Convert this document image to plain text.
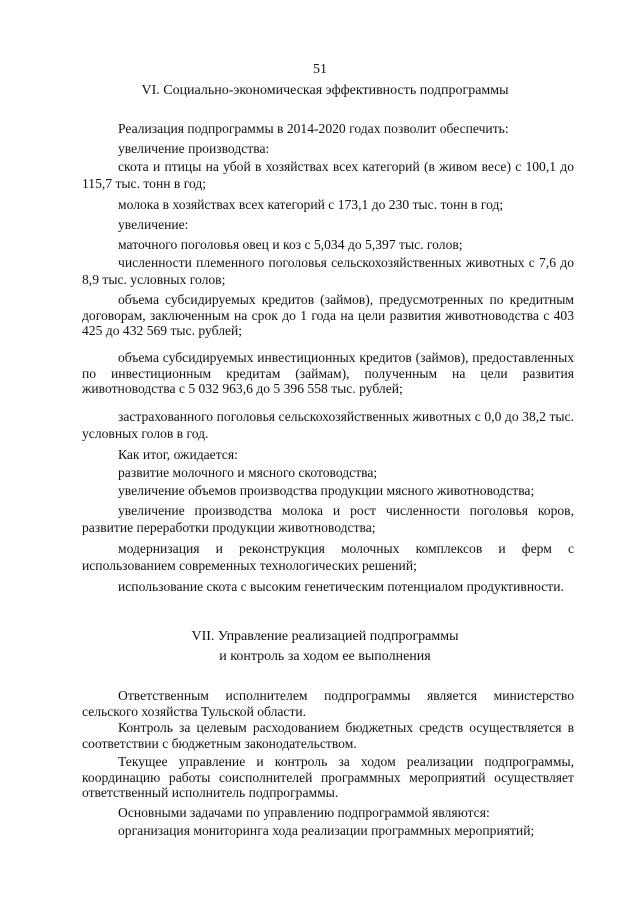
51
VI. Социально-экономическая эффективность подпрограммы

Реализация подпрограммы в 2014-2020 годах позволит обеспечить:

увеличение производства:

скота и птицы на убой в хозяйствах всех категорий (в живом весе) с 100,1 до 115,7 тыс. тонн в год;

молока в хозяйствах всех категорий с 173,1 до 230 тыс. тонн в год;

увеличение:

маточного поголовья овец и коз с 5,034 до 5,397 тыс. голов;

численности племенного поголовья сельскохозяйственных животных с 7,6 до 8,9 тыс. условных голов;

объема субсидируемых кредитов (займов), предусмотренных по кредитным договорам, заключенным на срок до 1 года на цели развития животноводства с 403 425 до 432 569 тыс. рублей;

объема субсидируемых инвестиционных кредитов (займов), предоставленных по инвестиционным кредитам (займам), полученным на цели развития животноводства с 5 032 963,6 до 5 396 558 тыс. рублей;

застрахованного поголовья сельскохозяйственных животных с 0,0 до 38,2 тыс. условных голов в год.

Как итог, ожидается:

развитие молочного и мясного скотоводства;

увеличение объемов производства продукции мясного животноводства;

увеличение производства молока и рост численности поголовья коров, развитие переработки продукции животноводства;

модернизация и реконструкция молочных комплексов и ферм с использованием современных технологических решений;

использование скота с высоким генетическим потенциалом продуктивности.

VII. Управление реализацией подпрограммы
и контроль за ходом ее выполнения

Ответственным исполнителем подпрограммы является министерство сельского хозяйства Тульской области.

Контроль за целевым расходованием бюджетных средств осуществляется в соответствии с бюджетным законодательством.

Текущее управление и контроль за ходом реализации подпрограммы, координацию работы соисполнителей программных мероприятий осуществляет ответственный исполнитель подпрограммы.

Основными задачами по управлению подпрограммой являются:

организация мониторинга хода реализации программных мероприятий;
